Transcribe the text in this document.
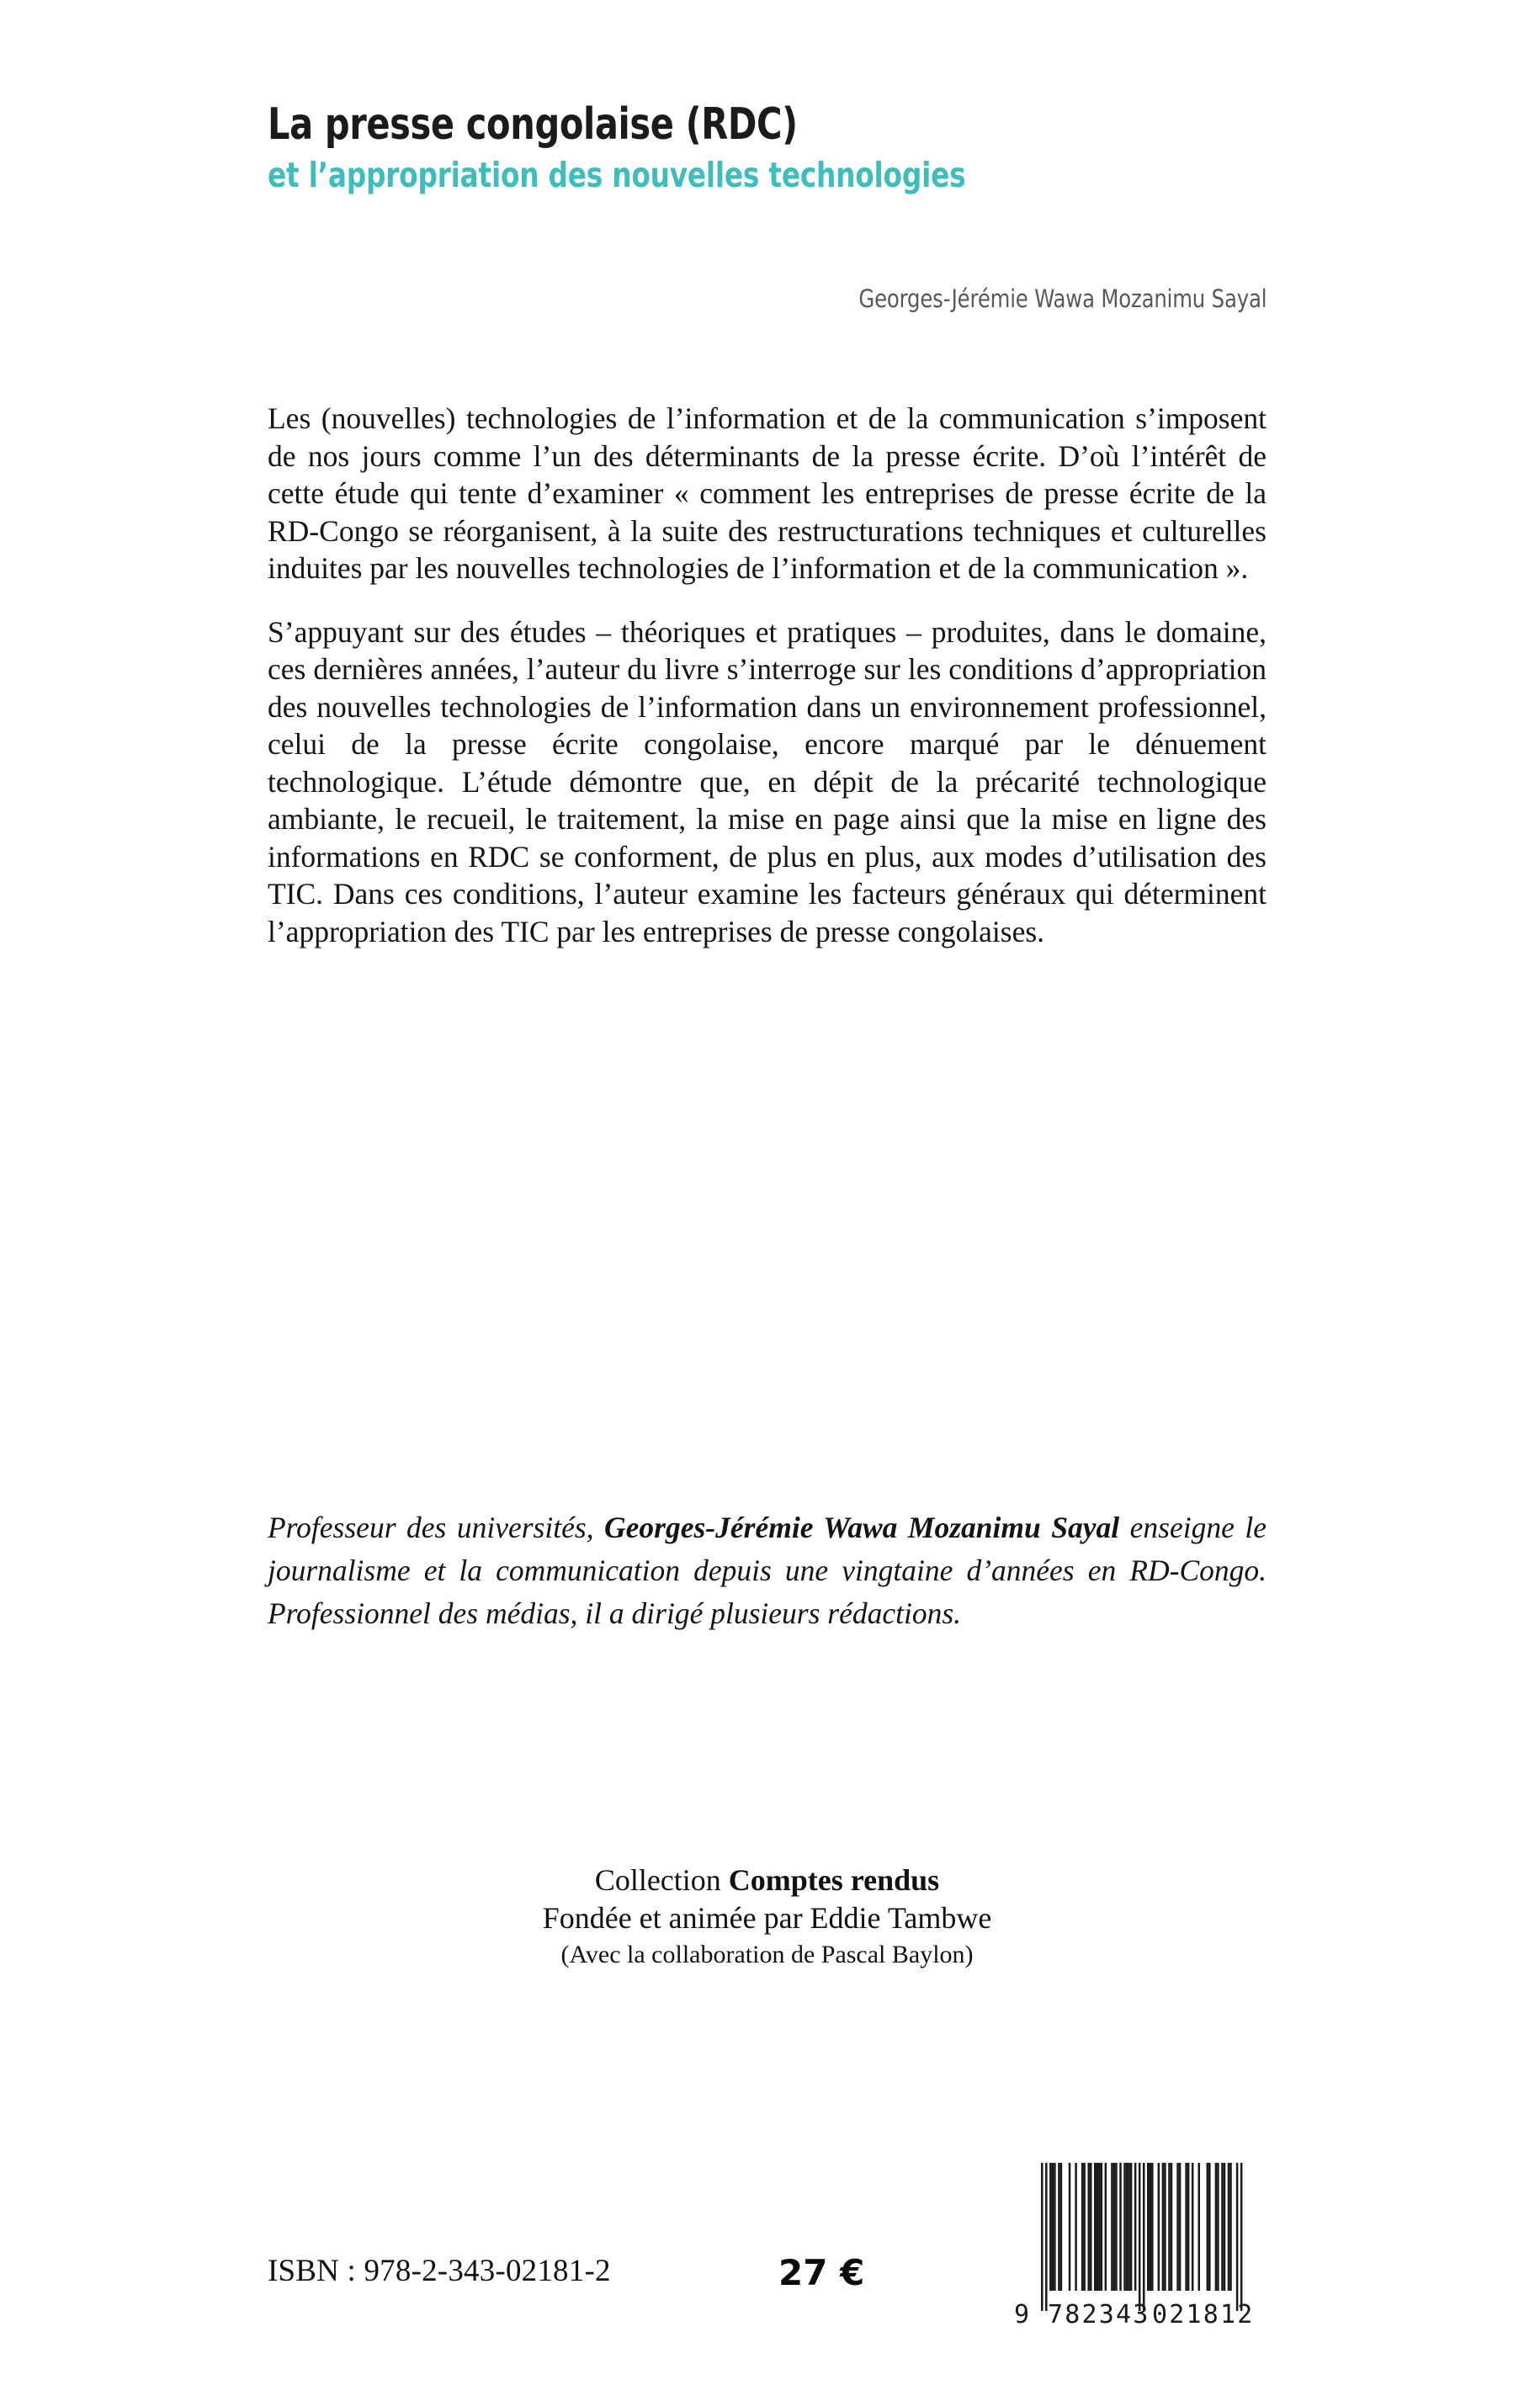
La presse congolaise (RDC)
et l’appropriation des nouvelles technologies
Georges-Jérémie Wawa Mozanimu Sayal

Les (nouvelles) technologies de l’information et de la communication s’imposent de nos jours comme l’un des déterminants de la presse écrite. D’où l’intérêt de cette étude qui tente d’examiner « comment les entreprises de presse écrite de la RD-Congo se réorganisent, à la suite des restructurations techniques et culturelles induites par les nouvelles technologies de l’information et de la communication ».

S’appuyant sur des études – théoriques et pratiques – produites, dans le domaine, ces dernières années, l’auteur du livre s’interroge sur les conditions d’appropriation des nouvelles technologies de l’information dans un environnement professionnel, celui de la presse écrite congolaise, encore marqué par le dénuement technologique. L’étude démontre que, en dépit de la précarité technologique ambiante, le recueil, le traitement, la mise en page ainsi que la mise en ligne des informations en RDC se conforment, de plus en plus, aux modes d’utilisation des TIC. Dans ces conditions, l’auteur examine les facteurs généraux qui déterminent l’appropriation des TIC par les entreprises de presse congolaises.

Professeur des universités, Georges-Jérémie Wawa Mozanimu Sayal enseigne le journalisme et la communication depuis une vingtaine d’années en RD-Congo. Professionnel des médias, il a dirigé plusieurs rédactions.
Collection Comptes rendus
Fondée et animée par Eddie Tambwe
(Avec la collaboration de Pascal Baylon)
ISBN : 978-2-343-02181-2	27 €
9 782343 021812
